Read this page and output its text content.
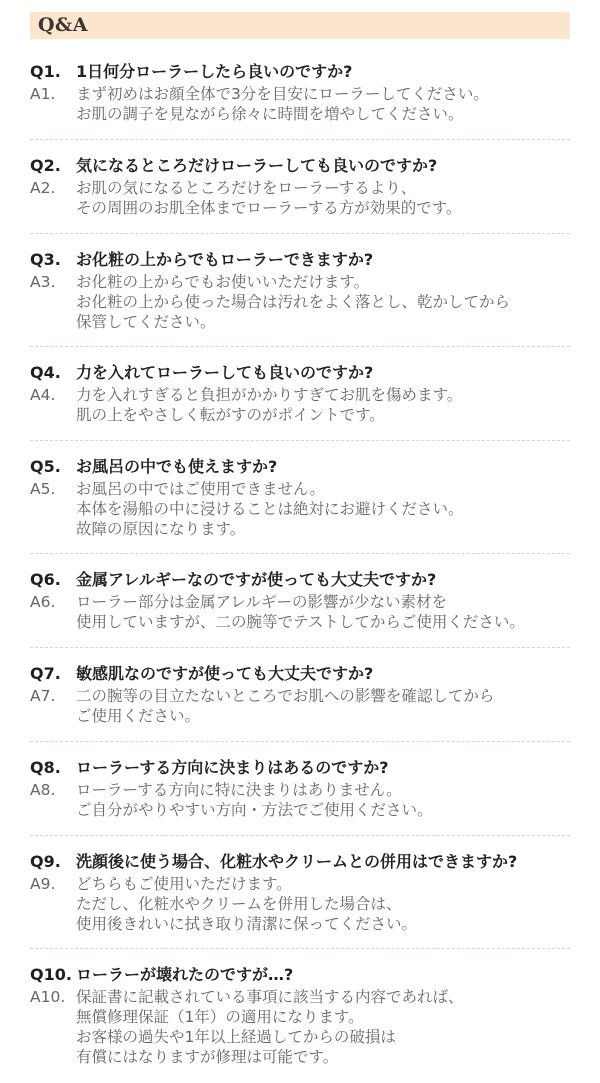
Q&A
Q1. 1日何分ローラーしたら良いのですか?
A1.	まず初めはお顔全体で3分を目安にローラーしてください。
お肌の調子を見ながら徐々に時間を増やしてください。
Q2. 気になるところだけローラーしても良いのですか?
A2.	お肌の気になるところだけをローラーするより、
その周囲のお肌全体までローラーする方が効果的です。
Q3. お化粧の上からでもローラーできますか?
A3.	お化粧の上からでもお使いいただけます。
お化粧の上から使った場合は汚れをよく落とし、乾かしてから
保管してください。
Q4. 力を入れてローラーしても良いのですか?
A4.	力を入れすぎると負担がかかりすぎてお肌を傷めます。
肌の上をやさしく転がすのがポイントです。
Q5. お風呂の中でも使えますか?
A5.	お風呂の中ではご使用できません。
本体を湯船の中に浸けることは絶対にお避けください。
故障の原因になります。
Q6. 金属アレルギーなのですが使っても大丈夫ですか?
A6.	ローラー部分は金属アレルギーの影響が少ない素材を
使用していますが、二の腕等でテストしてからご使用ください。
Q7. 敏感肌なのですが使っても大丈夫ですか?
A7.	二の腕等の目立たないところでお肌への影響を確認してから
ご使用ください。
Q8. ローラーする方向に決まりはあるのですか?
A8.	ローラーする方向に特に決まりはありません。
ご自分がやりやすい方向・方法でご使用ください。
Q9. 洗顔後に使う場合、化粧水やクリームとの併用はできますか?
A9.	どちらもご使用いただけます。
ただし、化粧水やクリームを併用した場合は、
使用後きれいに拭き取り清潔に保ってください。
Q10. ローラーが壊れたのですが…?
A10. 保証書に記載されている事項に該当する内容であれば、
無償修理保証（1年）の適用になります。
お客様の過失や1年以上経過してからの破損は
有償にはなりますが修理は可能です。
